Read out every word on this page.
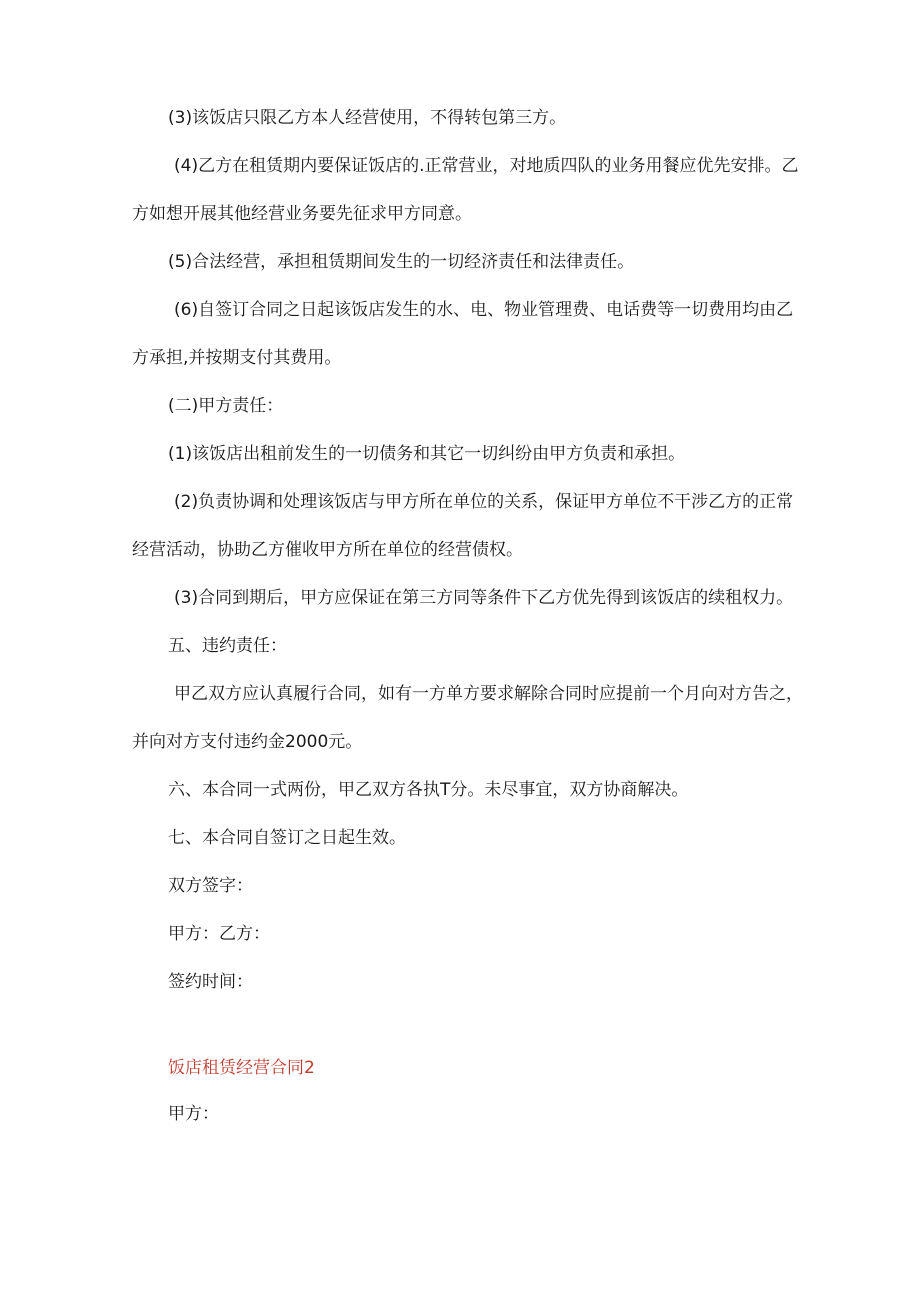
(3)该饭店只限乙方本人经营使用，不得转包第三方。

(4)乙方在租赁期内要保证饭店的.正常营业，对地质四队的业务用餐应优先安排。乙方如想开展其他经营业务要先征求甲方同意。

(5)合法经营，承担租赁期间发生的一切经济责任和法律责任。

(6)自签订合同之日起该饭店发生的水、电、物业管理费、电话费等一切费用均由乙方承担,并按期支付其费用。

(二)甲方责任：

(1)该饭店出租前发生的一切债务和其它一切纠纷由甲方负责和承担。

(2)负责协调和处理该饭店与甲方所在单位的关系，保证甲方单位不干涉乙方的正常经营活动，协助乙方催收甲方所在单位的经营债权。

(3)合同到期后，甲方应保证在第三方同等条件下乙方优先得到该饭店的续租权力。

五、违约责任：

甲乙双方应认真履行合同，如有一方单方要求解除合同时应提前一个月向对方告之，并向对方支付违约金2000元。

六、本合同一式两份，甲乙双方各执T分。未尽事宜，双方协商解决。

七、本合同自签订之日起生效。

双方签字：

甲方：乙方：

签约时间：

饭店租赁经营合同2

甲方：
